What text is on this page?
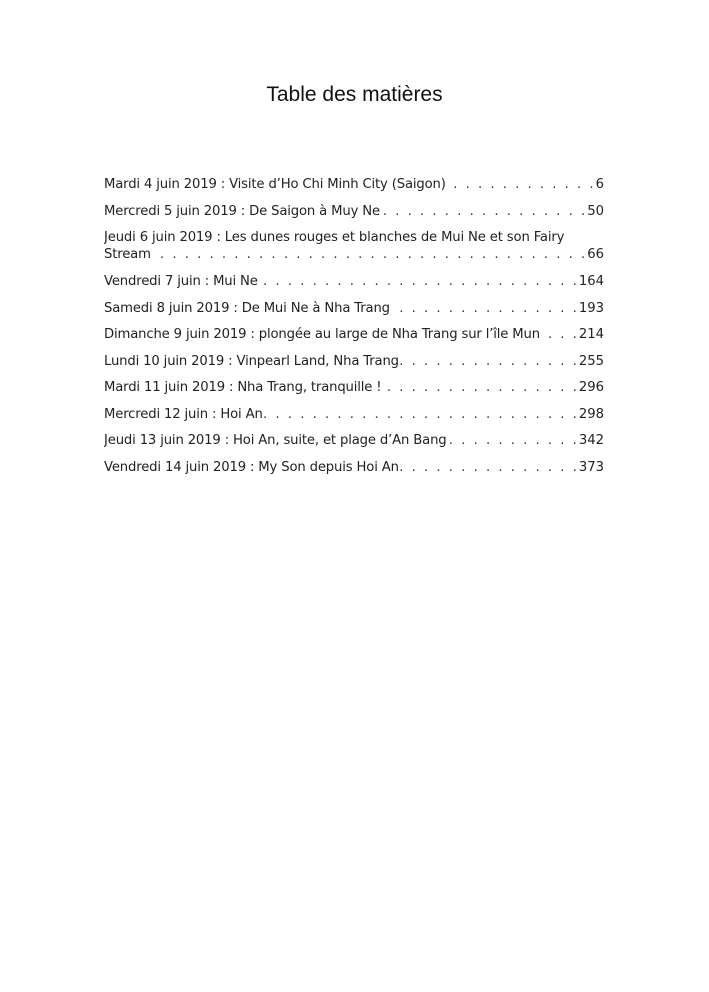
Table des matières
Mardi 4 juin 2019 : Visite d’Ho Chi Minh City (Saigon) . . .	6
Mercredi 5 juin 2019 : De Saigon à Muy Ne . . .	50
Jeudi 6 juin 2019 : Les dunes rouges et blanches de Mui Ne et son Fairy
Stream . . .	66
Vendredi 7 juin : Mui Ne . . .	164
Samedi 8 juin 2019 : De Mui Ne à Nha Trang . . .	193
Dimanche 9 juin 2019 : plongée au large de Nha Trang sur l’île Mun . . .	214
Lundi 10 juin 2019 : Vinpearl Land, Nha Trang . . .	255
Mardi 11 juin 2019 : Nha Trang, tranquille ! . . .	296
Mercredi 12 juin : Hoi An . . .	298
Jeudi 13 juin 2019 : Hoi An, suite, et plage d’An Bang . . .	342
Vendredi 14 juin 2019 : My Son depuis Hoi An . . .	373
